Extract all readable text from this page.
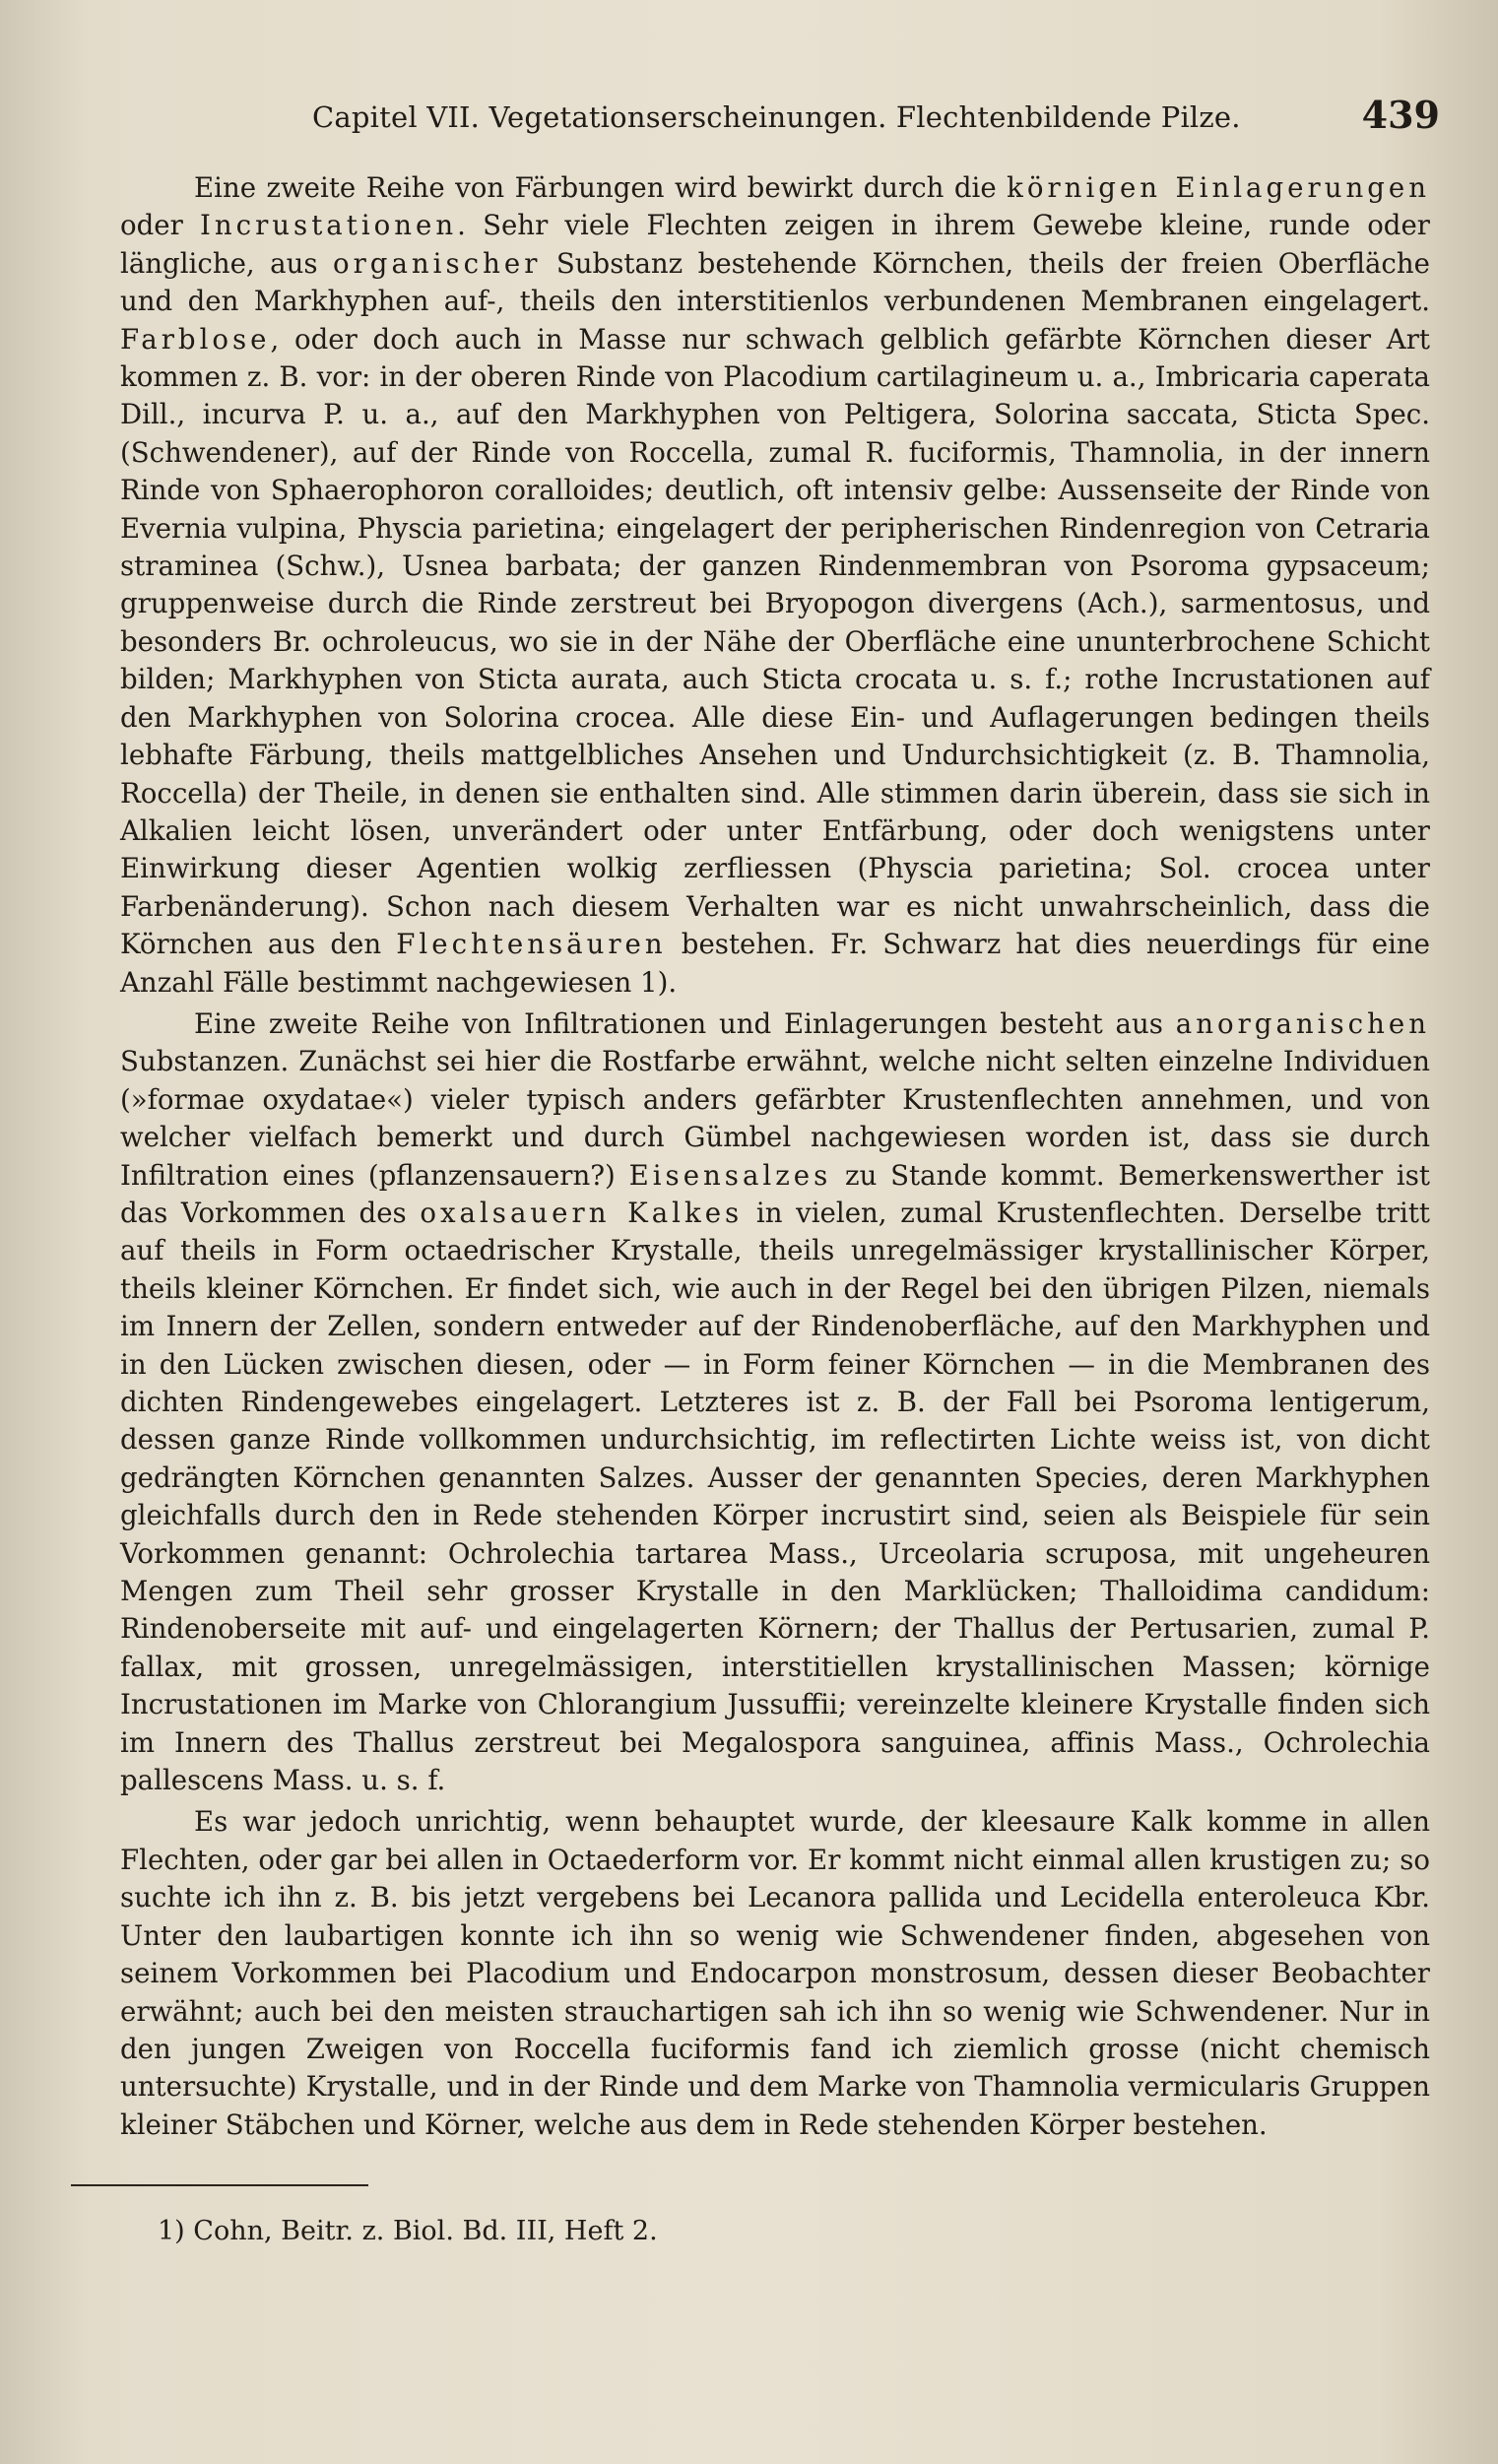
Capitel VII. Vegetationserscheinungen. Flechtenbildende Pilze.	439

Eine zweite Reihe von Färbungen wird bewirkt durch die körnigen Einlagerungen oder Incrustationen. Sehr viele Flechten zeigen in ihrem Gewebe kleine, runde oder längliche, aus organischer Substanz bestehende Körnchen, theils der freien Oberfläche und den Markhyphen auf-, theils den interstitienlos verbundenen Membranen eingelagert. Farblose, oder doch auch in Masse nur schwach gelblich gefärbte Körnchen dieser Art kommen z. B. vor: in der oberen Rinde von Placodium cartilagineum u. a., Imbricaria caperata Dill., incurva P. u. a., auf den Markhyphen von Peltigera, Solorina saccata, Sticta Spec. (Schwendener), auf der Rinde von Roccella, zumal R. fuciformis, Thamnolia, in der innern Rinde von Sphaerophoron coralloides; deutlich, oft intensiv gelbe: Aussenseite der Rinde von Evernia vulpina, Physcia parietina; eingelagert der peripherischen Rindenregion von Cetraria straminea (Schw.), Usnea barbata; der ganzen Rindenmembran von Psoroma gypsaceum; gruppenweise durch die Rinde zerstreut bei Bryopogon divergens (Ach.), sarmentosus, und besonders Br. ochroleucus, wo sie in der Nähe der Oberfläche eine ununterbrochene Schicht bilden; Markhyphen von Sticta aurata, auch Sticta crocata u. s. f.; rothe Incrustationen auf den Markhyphen von Solorina crocea. Alle diese Ein- und Auflagerungen bedingen theils lebhafte Färbung, theils mattgelbliches Ansehen und Undurchsichtigkeit (z. B. Thamnolia, Roccella) der Theile, in denen sie enthalten sind. Alle stimmen darin überein, dass sie sich in Alkalien leicht lösen, unverändert oder unter Entfärbung, oder doch wenigstens unter Einwirkung dieser Agentien wolkig zerfliessen (Physcia parietina; Sol. crocea unter Farbenänderung). Schon nach diesem Verhalten war es nicht unwahrscheinlich, dass die Körnchen aus den Flechtensäuren bestehen. Fr. Schwarz hat dies neuerdings für eine Anzahl Fälle bestimmt nachgewiesen 1).

Eine zweite Reihe von Infiltrationen und Einlagerungen besteht aus anorganischen Substanzen. Zunächst sei hier die Rostfarbe erwähnt, welche nicht selten einzelne Individuen (»formae oxydatae«) vieler typisch anders gefärbter Krustenflechten annehmen, und von welcher vielfach bemerkt und durch Gümbel nachgewiesen worden ist, dass sie durch Infiltration eines (pflanzensauern?) Eisensalzes zu Stande kommt. Bemerkenswerther ist das Vorkommen des oxalsauern Kalkes in vielen, zumal Krustenflechten. Derselbe tritt auf theils in Form octaedrischer Krystalle, theils unregelmässiger krystallinischer Körper, theils kleiner Körnchen. Er findet sich, wie auch in der Regel bei den übrigen Pilzen, niemals im Innern der Zellen, sondern entweder auf der Rindenoberfläche, auf den Markhyphen und in den Lücken zwischen diesen, oder — in Form feiner Körnchen — in die Membranen des dichten Rindengewebes eingelagert. Letzteres ist z. B. der Fall bei Psoroma lentigerum, dessen ganze Rinde vollkommen undurchsichtig, im reflectirten Lichte weiss ist, von dicht gedrängten Körnchen genannten Salzes. Ausser der genannten Species, deren Markhyphen gleichfalls durch den in Rede stehenden Körper incrustirt sind, seien als Beispiele für sein Vorkommen genannt: Ochrolechia tartarea Mass., Urceolaria scruposa, mit ungeheuren Mengen zum Theil sehr grosser Krystalle in den Marklücken; Thalloidima candidum: Rindenoberseite mit auf- und eingelagerten Körnern; der Thallus der Pertusarien, zumal P. fallax, mit grossen, unregelmässigen, interstitiellen krystallinischen Massen; körnige Incrustationen im Marke von Chlorangium Jussuffii; vereinzelte kleinere Krystalle finden sich im Innern des Thallus zerstreut bei Megalospora sanguinea, affinis Mass., Ochrolechia pallescens Mass. u. s. f.

Es war jedoch unrichtig, wenn behauptet wurde, der kleesaure Kalk komme in allen Flechten, oder gar bei allen in Octaederform vor. Er kommt nicht einmal allen krustigen zu; so suchte ich ihn z. B. bis jetzt vergebens bei Lecanora pallida und Lecidella enteroleuca Kbr. Unter den laubartigen konnte ich ihn so wenig wie Schwendener finden, abgesehen von seinem Vorkommen bei Placodium und Endocarpon monstrosum, dessen dieser Beobachter erwähnt; auch bei den meisten strauchartigen sah ich ihn so wenig wie Schwendener. Nur in den jungen Zweigen von Roccella fuciformis fand ich ziemlich grosse (nicht chemisch untersuchte) Krystalle, und in der Rinde und dem Marke von Thamnolia vermicularis Gruppen kleiner Stäbchen und Körner, welche aus dem in Rede stehenden Körper bestehen.

1) Cohn, Beitr. z. Biol. Bd. III, Heft 2.
